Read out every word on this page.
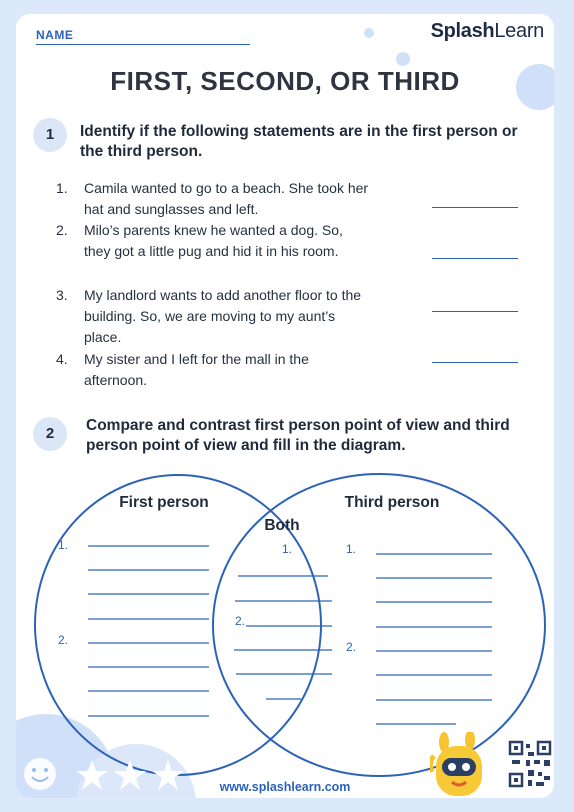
NAME	SplashLearn
FIRST, SECOND, OR THIRD
1	Identify if the following statements are in the first person or the third person.
1. Camila wanted to go to a beach. She took her hat and sunglasses and left.
2. Milo’s parents knew he wanted a dog. So, they got a little pug and hid it in his room.
3. My landlord wants to add another floor to the building. So, we are moving to my aunt’s place.
4. My sister and I left for the mall in the afternoon.
2	Compare and contrast first person point of view and third person point of view and fill in the diagram.
First person	Third person
Both
1.
2.
1.
2.
1.
2.
www.splashlearn.com
